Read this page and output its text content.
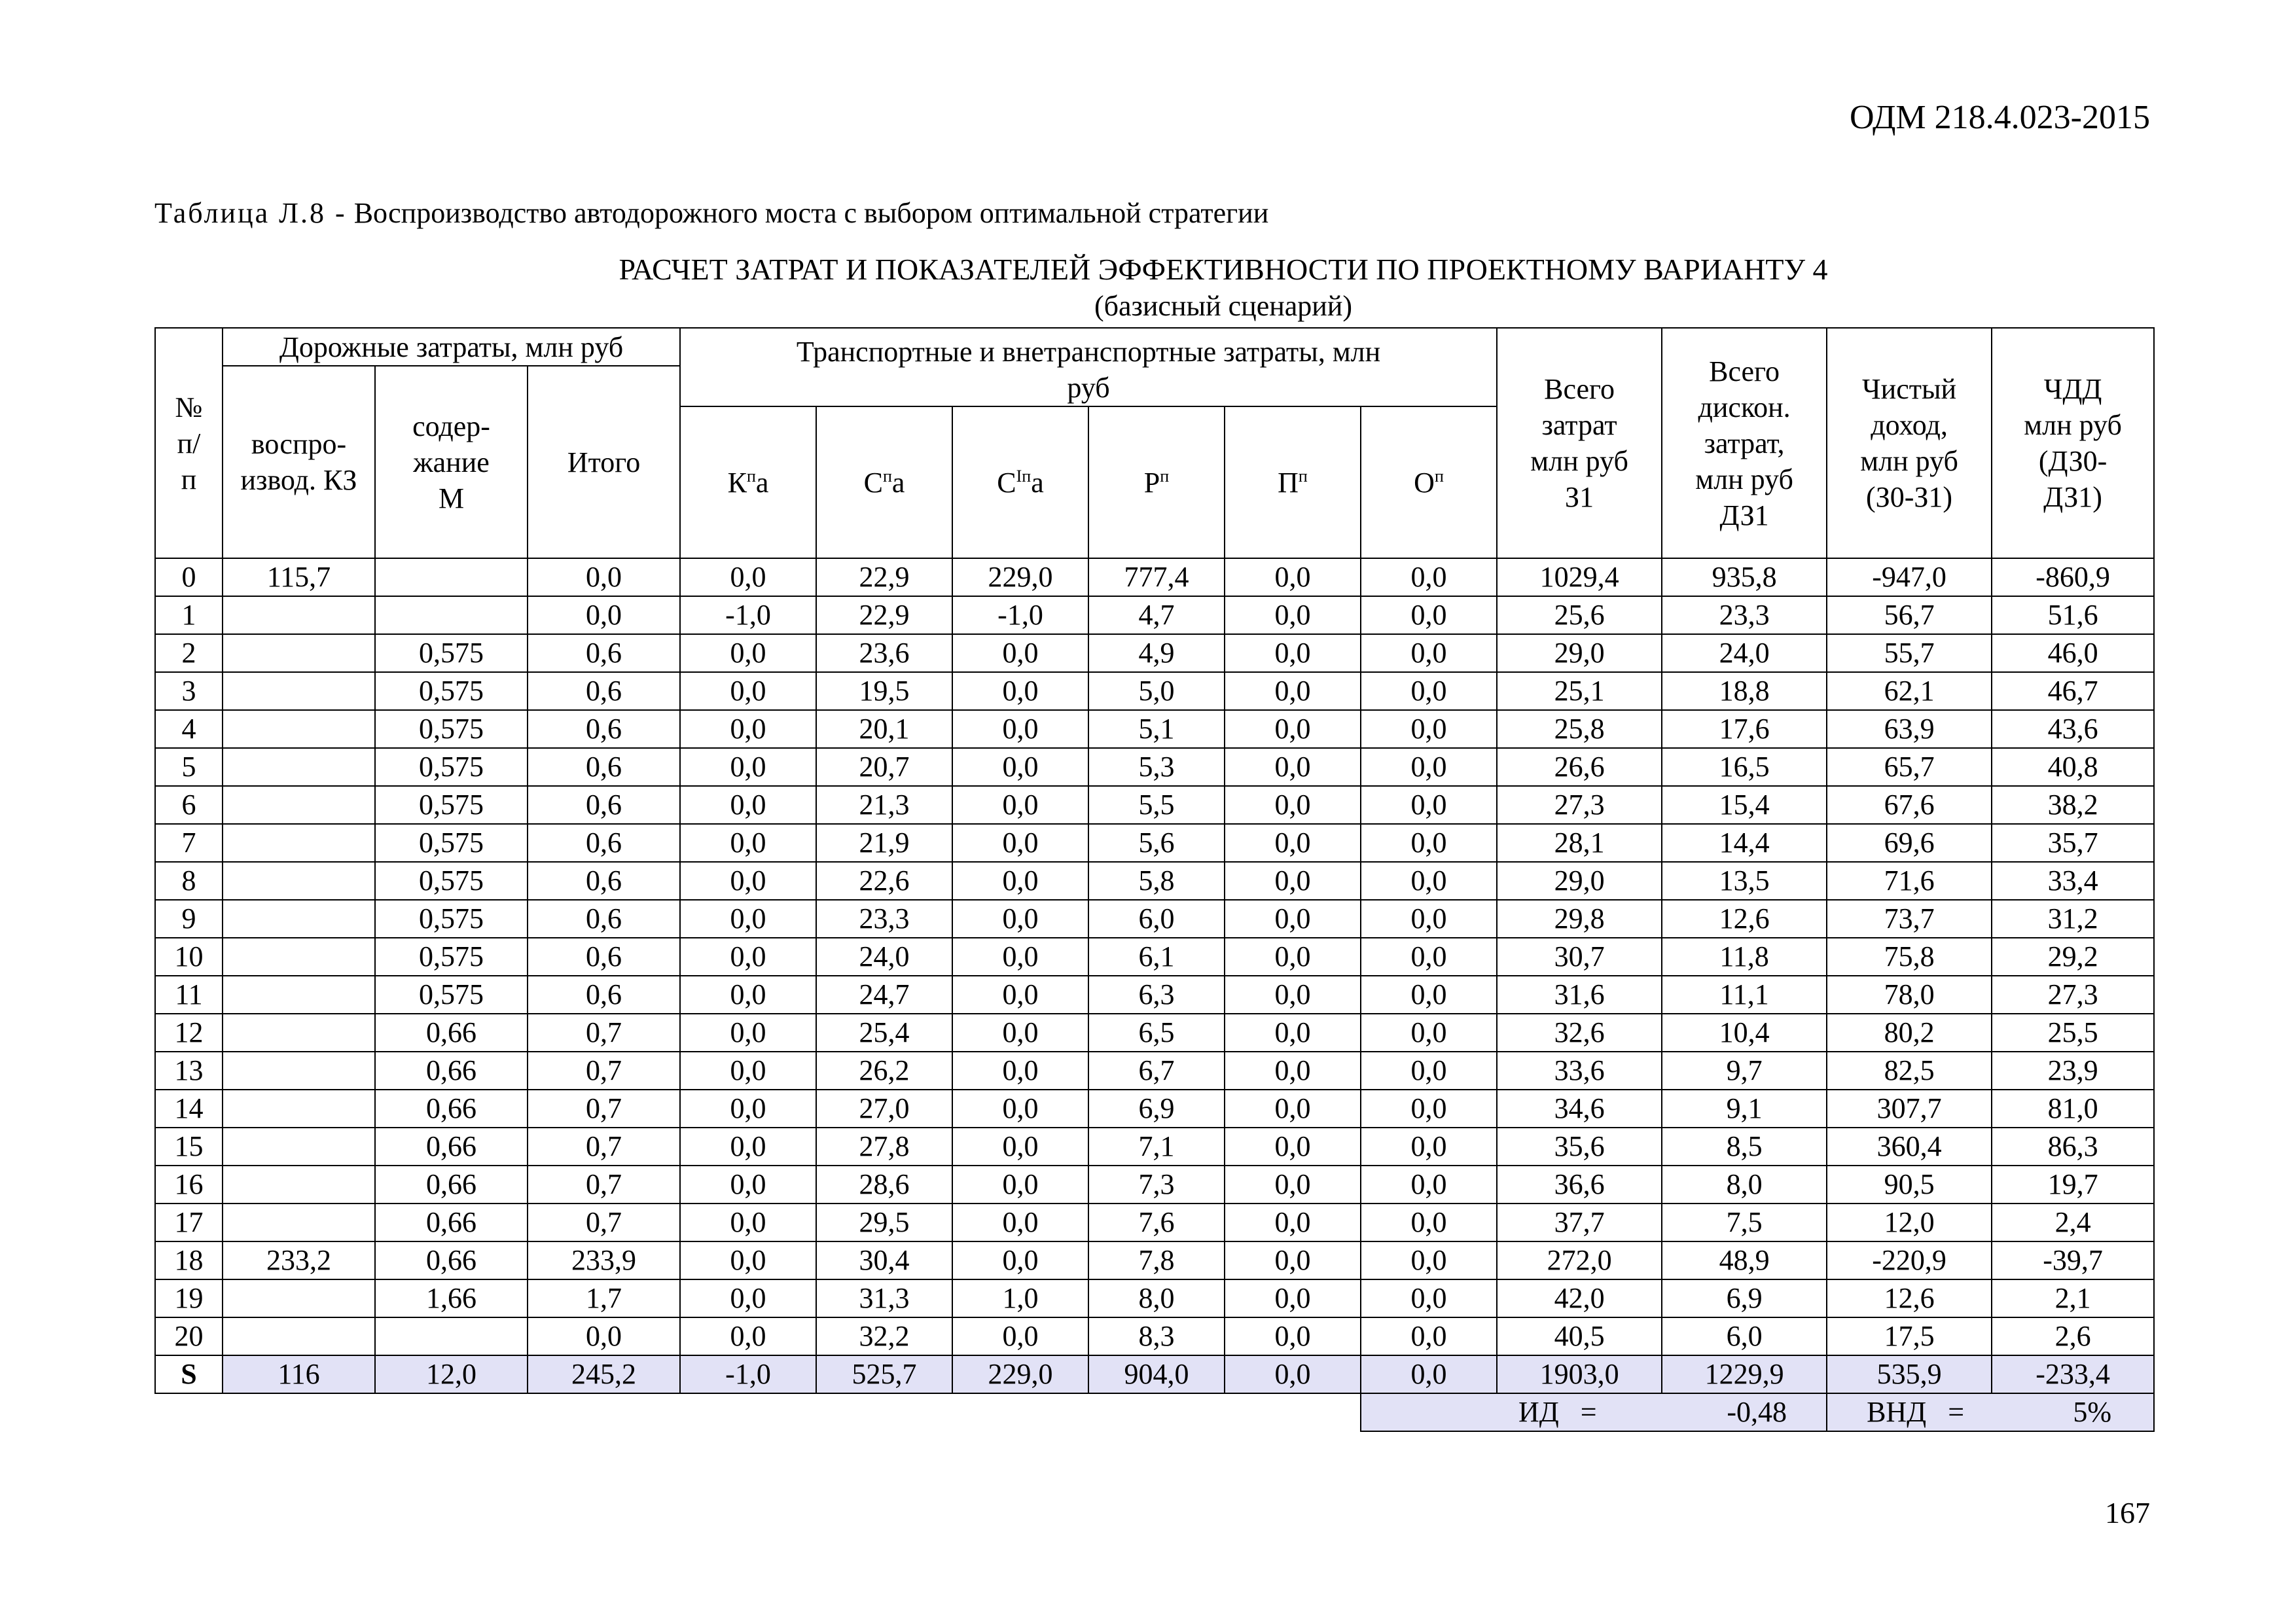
ОДМ 218.4.023-2015
Таблица Л.8 - Воспроизводство автодорожного моста с выбором оптимальной стратегии
РАСЧЕТ ЗАТРАТ И ПОКАЗАТЕЛЕЙ ЭФФЕКТИВНОСТИ ПО ПРОЕКТНОМУ ВАРИАНТУ 4
(базисный сценарий)
№ п/ п	Дорожные затраты, млн руб			Транспортные и внетранспортные затраты, млн руб						Всего затрат млн руб З1	Всего дискон. затрат, млн руб ДЗ1	Чистый доход, млн руб (З0-З1)	ЧДД млн руб (ДЗ0-ДЗ1)
	воспро-извод. КЗ	содер-жание М	Итого										
				$К^па$	$С^па$	$С^{Iп}а$	$Р^п$	$П^п$	$О^п$
0	115,7		0,0	0,0	22,9	229,0	777,4	0,0	0,0	1029,4	935,8	-947,0	-860,9
1			0,0	-1,0	22,9	-1,0	4,7	0,0	0,0	25,6	23,3	56,7	51,6
2		0,575	0,6	0,0	23,6	0,0	4,9	0,0	0,0	29,0	24,0	55,7	46,0
3		0,575	0,6	0,0	19,5	0,0	5,0	0,0	0,0	25,1	18,8	62,1	46,7
4		0,575	0,6	0,0	20,1	0,0	5,1	0,0	0,0	25,8	17,6	63,9	43,6
5		0,575	0,6	0,0	20,7	0,0	5,3	0,0	0,0	26,6	16,5	65,7	40,8
6		0,575	0,6	0,0	21,3	0,0	5,5	0,0	0,0	27,3	15,4	67,6	38,2
7		0,575	0,6	0,0	21,9	0,0	5,6	0,0	0,0	28,1	14,4	69,6	35,7
8		0,575	0,6	0,0	22,6	0,0	5,8	0,0	0,0	29,0	13,5	71,6	33,4
9		0,575	0,6	0,0	23,3	0,0	6,0	0,0	0,0	29,8	12,6	73,7	31,2
10		0,575	0,6	0,0	24,0	0,0	6,1	0,0	0,0	30,7	11,8	75,8	29,2
11		0,575	0,6	0,0	24,7	0,0	6,3	0,0	0,0	31,6	11,1	78,0	27,3
12		0,66	0,7	0,0	25,4	0,0	6,5	0,0	0,0	32,6	10,4	80,2	25,5
13		0,66	0,7	0,0	26,2	0,0	6,7	0,0	0,0	33,6	9,7	82,5	23,9
14		0,66	0,7	0,0	27,0	0,0	6,9	0,0	0,0	34,6	9,1	307,7	81,0
15		0,66	0,7	0,0	27,8	0,0	7,1	0,0	0,0	35,6	8,5	360,4	86,3
16		0,66	0,7	0,0	28,6	0,0	7,3	0,0	0,0	36,6	8,0	90,5	19,7
17		0,66	0,7	0,0	29,5	0,0	7,6	0,0	0,0	37,7	7,5	12,0	2,4
18	233,2	0,66	233,9	0,0	30,4	0,0	7,8	0,0	0,0	272,0	48,9	-220,9	-39,7
19		1,66	1,7	0,0	31,3	1,0	8,0	0,0	0,0	42,0	6,9	12,6	2,1
20			0,0	0,0	32,2	0,0	8,3	0,0	0,0	40,5	6,0	17,5	2,6
S	116	12,0	245,2	-1,0	525,7	229,0	904,0	0,0	0,0	1903,0	1229,9	535,9	-233,4

									ИД = -0,48			ВНД = 5%	
167
